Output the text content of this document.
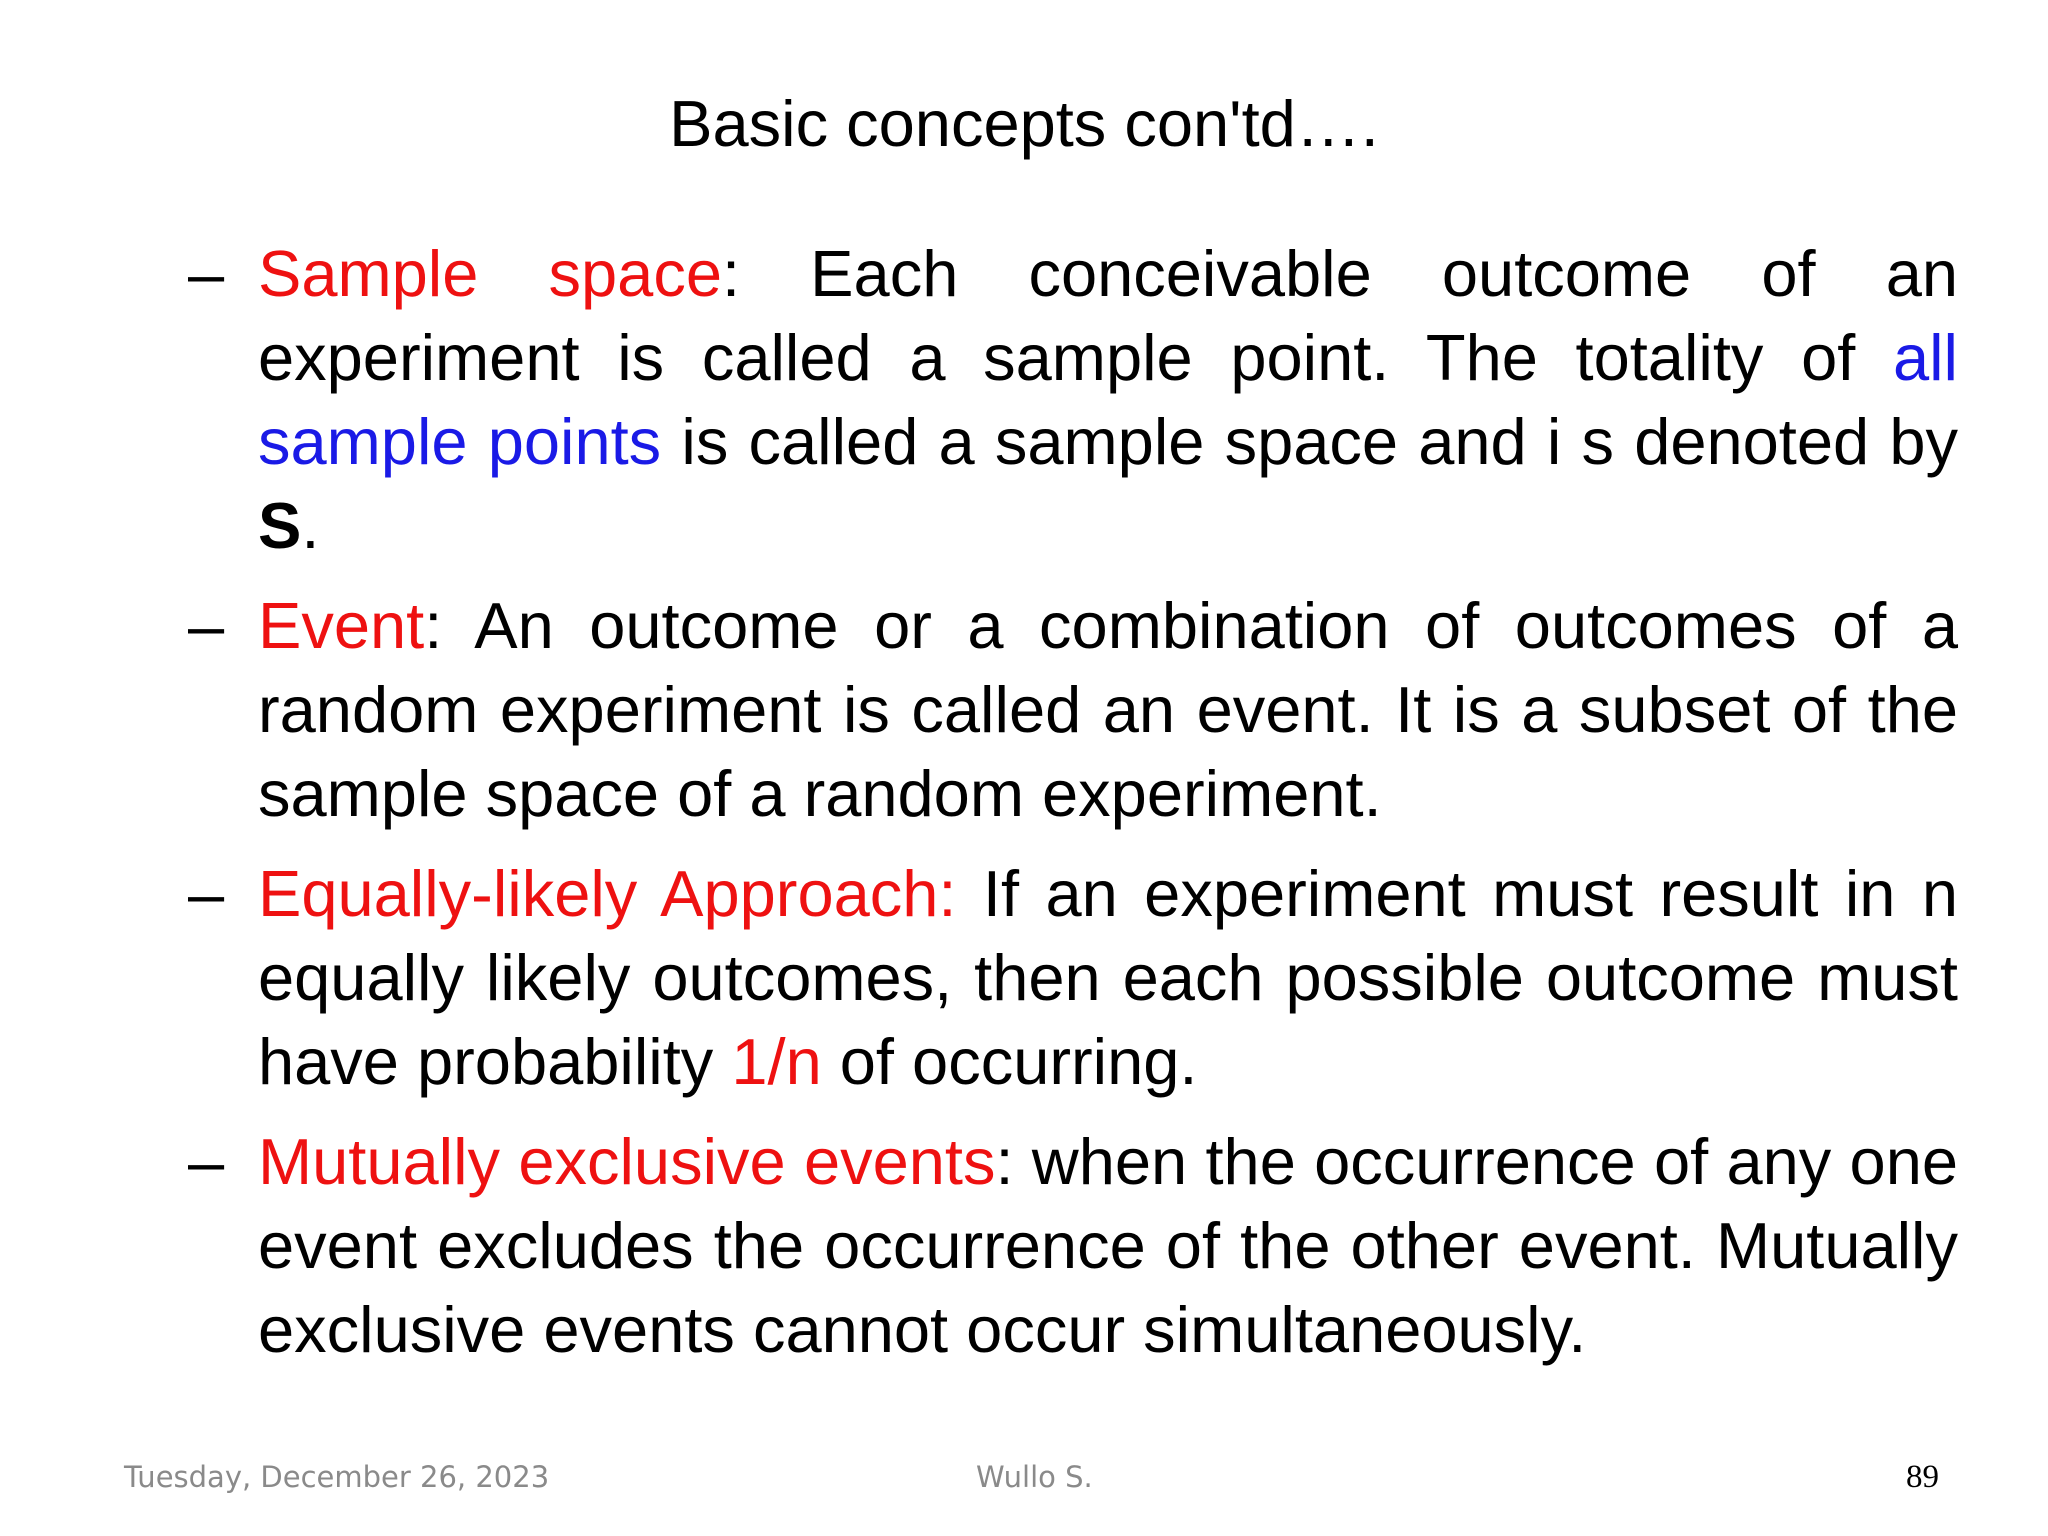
Basic concepts con'td….
– Sample space: Each conceivable outcome of an experiment is called a sample point. The totality of all sample points is called a sample space and i s denoted by S.
– Event: An outcome or a combination of outcomes of a random experiment is called an event. It is a subset of the sample space of a random experiment.
– Equally-likely Approach: If an experiment must result in n equally likely outcomes, then each possible outcome must have probability 1/n of occurring.
– Mutually exclusive events: when the occurrence of any one event excludes the occurrence of the other event. Mutually exclusive events cannot occur simultaneously.
Tuesday, December 26, 2023	Wullo S.	89
